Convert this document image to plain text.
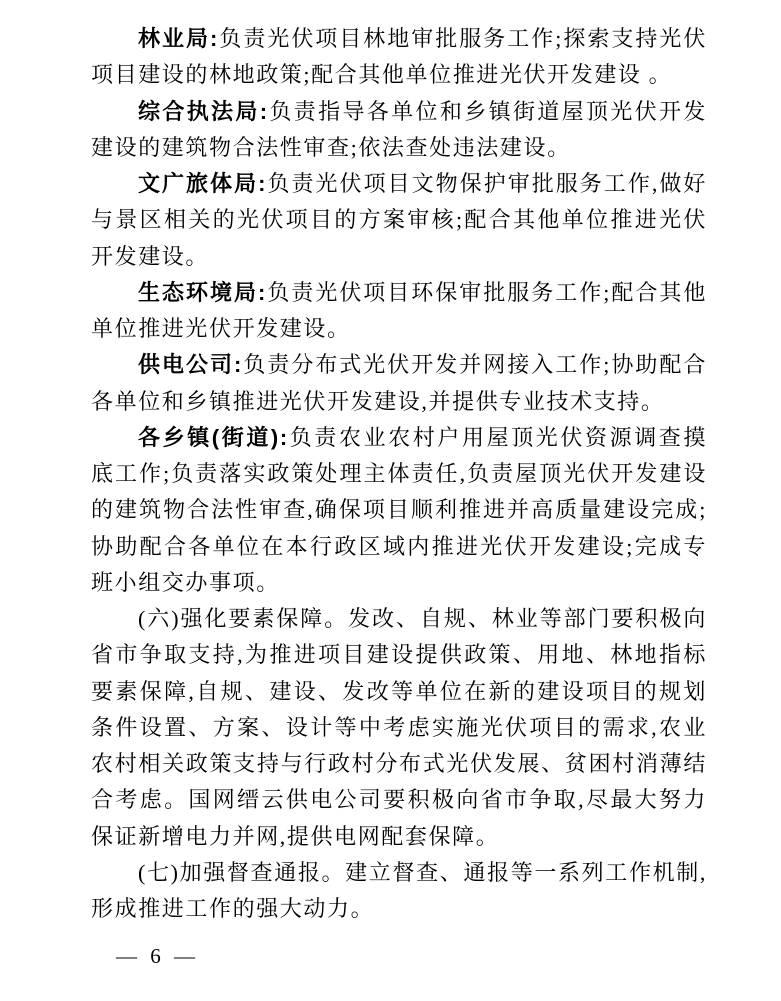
林业局:负责光伏项目林地审批服务工作;探索支持光伏项目建设的林地政策;配合其他单位推进光伏开发建设 。

综合执法局:负责指导各单位和乡镇街道屋顶光伏开发建设的建筑物合法性审查;依法查处违法建设。

文广旅体局:负责光伏项目文物保护审批服务工作,做好与景区相关的光伏项目的方案审核;配合其他单位推进光伏开发建设。

生态环境局:负责光伏项目环保审批服务工作;配合其他单位推进光伏开发建设。

供电公司:负责分布式光伏开发并网接入工作;协助配合各单位和乡镇推进光伏开发建设,并提供专业技术支持。

各乡镇(街道):负责农业农村户用屋顶光伏资源调查摸底工作;负责落实政策处理主体责任,负责屋顶光伏开发建设的建筑物合法性审查,确保项目顺利推进并高质量建设完成;协助配合各单位在本行政区域内推进光伏开发建设;完成专班小组交办事项。

(六)强化要素保障。发改、自规、林业等部门要积极向省市争取支持,为推进项目建设提供政策、用地、林地指标要素保障,自规、建设、发改等单位在新的建设项目的规划条件设置、方案、设计等中考虑实施光伏项目的需求,农业农村相关政策支持与行政村分布式光伏发展、贫困村消薄结合考虑。国网缙云供电公司要积极向省市争取,尽最大努力保证新增电力并网,提供电网配套保障。

(七)加强督查通报。建立督查、通报等一系列工作机制,形成推进工作的强大动力。

— 6 —
